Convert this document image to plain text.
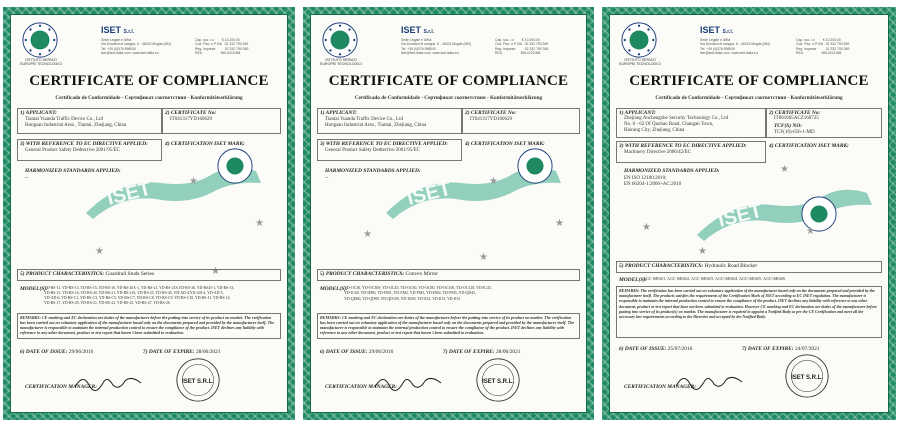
ISTITUTO SERVIZI
EUROPEI TECNOLOGICI
ISET S.r.l.
Sede Legale e Uffici
Via Donatori di sangue, 6 - 46024 Moglia (MN)
Tel. +39 (0)376 598000
lser@iset-italia.com  www.iset-italia.eu
Cap. soc. i.v.        € 10.200,00
Cod. Fisc. e P.IVA   02 332 790 369
Reg. Imprese          02 332 790 369
REA                    MN-0221068
CERTIFICATE OF COMPLIANCE
Certificado de Conformidade - Сертификат соответствия - Konformitätserklärung
1) APPLICANT:
Tiantai Yuanda Traffic Device Co., Ltd
Hongsan Industrial Area , Tiantai, Zhejiang, China
2) CERTIFICATE No:
IT041317YD160629
3) WITH REFERENCE TO EC DIRECTIVE APPLIED:
General Product Safety Dedtective 2001/95/EC
4) CERTIFICATION ISET MARK:
HARMONIZED STANDARDS APPLIED:
--	ISET	★
★
★
★
5) PRODUCT CHARACTERISTICS: Guardrail Studs Series
MODEL(S):
YD-RS-11, YD-RS-13, YD-RS-15, YD-RS-16, YD-RS-20A-1, YD-RS-21, YD-RS-21S,YD-RS-26, YD-RS45-1, YD-RS-13,
YD-RS-15, YD-RS-16, YD-RS-20, YD-RS-21, YD-RS-21S, YD-RS-25, YD-RS-45, YD-AD-4,YD-AD-4, YD-AD-5,
YD-AD-6, YD-RS-C1, YD-RS-C3, YD-RS-C5, YD-RS-C7, YD-RS-C8, YD-RS-C9, YD-RS-C10, YD-RS-11, YD-RS-14,
YD-RS-17, YD-RS-20, YD-RS-21, YD-RS-22, YD-RS-25, YD-RS-27, YD-RS-26
REMARKS: CE marking and EC declaration are duties of the manufacturer before the putting into service of its product on market. The verification has been carried out on voluntary application of the manufacturer based only on the documents prepared and provided by the manufacturer itself. The manufacturer is responsible to maintain the internal production control to ensure the compliance of the product. ISET declines any liability with reference to any other document, product or test report that haven't been submitted to evaluation.
6) DATE OF ISSUE: 29/06/2016	7) DATE OF EXPIRE: 28/06/2021
CERTIFICATION MANAGER:
ISET S.R.L.
ISTITUTO SERVIZI
EUROPEI TECNOLOGICI
ISET S.r.l.
Sede Legale e Uffici
Via Donatori di sangue, 6 - 46024 Moglia (MN)
Tel. +39 (0)376 598000
lser@iset-italia.com  www.iset-italia.eu
Cap. soc. i.v.        € 10.200,00
Cod. Fisc. e P.IVA   02 332 790 369
Reg. Imprese          02 332 790 369
REA                    MN-0221068
CERTIFICATE OF COMPLIANCE
Certificado de Conformidade - Сертификат соответствия - Konformitätserklärung
1) APPLICANT:
Tiantai Yuanda Traffic Device Co., Ltd
Hongsan Industrial Area , Tiantai, Zhejiang, China
2) CERTIFICATE No:
IT041317YD160629
3) WITH REFERENCE TO EC DIRECTIVE APPLIED:
General Product Safety Dedtective 2001/95/EC
4) CERTIFICATION ISET MARK:
HARMONIZED STANDARDS APPLIED:
--	ISET	★
★
★
★
5) PRODUCT CHARACTERISTICS: Convex Mirror
MODEL(S):
YD-OC30, YD-OC30S, YD-OC45, YD-OC60, YD-OC80, YD-OC100, YD-OC120, YD-IC45,
YD-IC60, YD-ID80, YD-FM1, YD-FM2, YD-FM3, YD-FM4, YD-FM5, YD-QD45,
YD-QD60, YD-QD80, YD-QD100, YD-ID40, YD-IO2, YD-IO3, YD-IO4
REMARKS: CE marking and EC declaration are duties of the manufacturer before the putting into service of its product on market. The verification has been carried out on voluntary application of the manufacturer based only on the documents prepared and provided by the manufacturer itself. The manufacturer is responsible to maintain the internal production control to ensure the compliance of the product. ISET declines any liability with reference to any other document, product or test report that haven't been submitted to evaluation.
6) DATE OF ISSUE: 29/06/2016	7) DATE OF EXPIRE: 28/06/2021
CERTIFICATION MANAGER:
ISET S.R.L.
ISTITUTO SERVIZI
EUROPEI TECNOLOGICI
ISET S.r.l.
Sede Legale e Uffici
Via Donatori di sangue, 6 - 46024 Moglia (MN)
Tel. +39 (0)376 598000
lser@iset-italia.com  www.iset-italia.eu
Cap. soc. i.v.        € 10.200,00
Cod. Fisc. e P.IVA   02 332 790 369
Reg. Imprese          02 332 790 369
REA                    MN-0221068
CERTIFICATE OF COMPLIANCE
Certificado de Conformidade - Сертификат соответствия - Konformitätserklärung
1) APPLICANT:
Zhejiang Anchengzhe Security Technology Co., Ltd
No. 6 - 62 Of Quzhao Road, Changan Town,
Haining City, Zhejiang, China
2) CERTIFICATE No:
IT061605ACZ160725
TCF(S) NO:
TCF(16)-656-1-MD
3) WITH REFERENCE TO EC DIRECTIVE APPLIED:
Machinery Directive 2006/42/EC
4) CERTIFICATION ISET MARK:
HARMONIZED STANDARDS APPLIED:
EN ISO 12100:2010;
EN 60204-1:2006+AC:2010
ISET
★
★	★
★
5) PRODUCT CHARACTERISTICS: Hydraulic Road Blocker
MODEL(S):
ACZ-16BA01, ACZ-16BA02, ACZ-16BA03, ACZ-16BA04, ACZ-16BA05, ACZ-16BA06
REMARKS: The verification has been carried out on voluntary application of the manufacturer based only on the documents prepared and provided by the manufacturer itself. The products satisfies the requirements of the Certification Mark of ISET according to EC ISET regulation. The manufacturer is responsible to maintain the internal production control to ensure the compliance of the product. ISET declines any liability with reference to any other document, product or test report that have not been submitted to evaluation. However CE marking and EC declaration are duties of the manufacturer before putting into service of its product(s) on market. The manufacturer is required to appoint a Notified Body as per the CE Certification and meet all the necessary law requirements according to the Directive and accepted by the Notified Body.
6) DATE OF ISSUE: 25/07/2016	7) DATE OF EXPIRE: 24/07/2021
CERTIFICATION MANAGER:
ISET S.R.L.
